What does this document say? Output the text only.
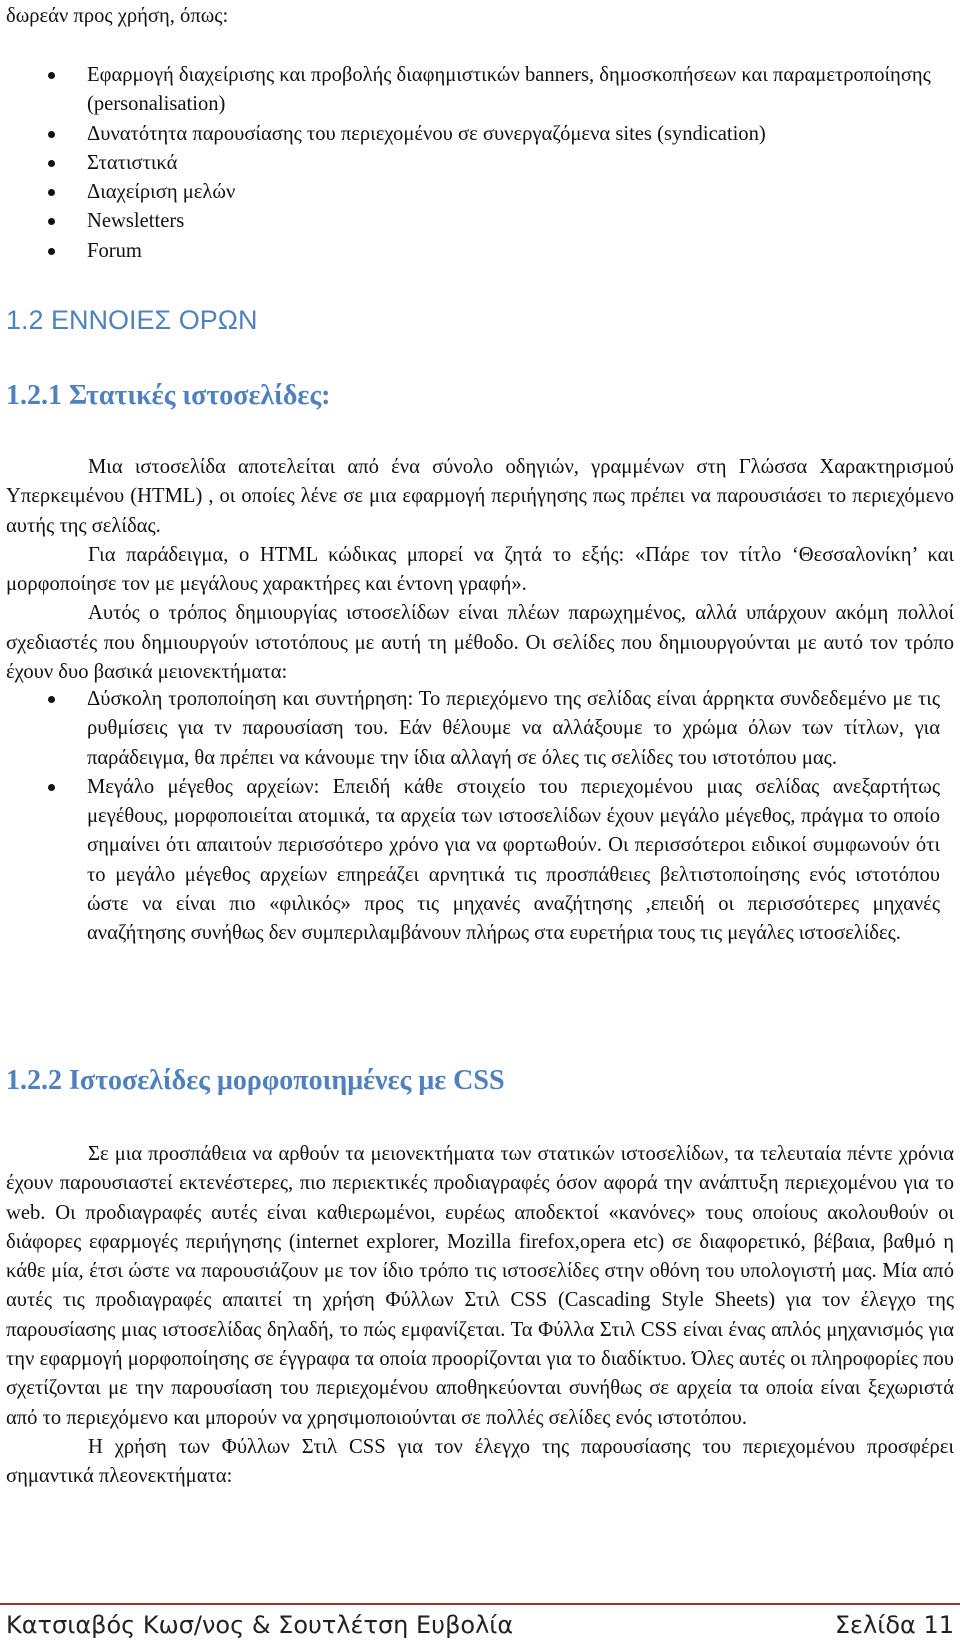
δωρεάν προς χρήση, όπως:
Εφαρμογή διαχείρισης και προβολής διαφημιστικών banners, δημοσκοπήσεων και παραμετροποίησης (personalisation)
Δυνατότητα παρουσίασης του περιεχομένου σε συνεργαζόμενα sites (syndication)
Στατιστικά
Διαχείριση μελών
Newsletters
Forum
1.2 ΕΝΝΟΙΕΣ ΟΡΩΝ
1.2.1 Στατικές ιστοσελίδες:
Μια ιστοσελίδα αποτελείται από ένα σύνολο οδηγιών, γραμμένων στη Γλώσσα Χαρακτηρισμού Υπερκειμένου (HTML) , οι οποίες λένε σε μια εφαρμογή περιήγησης πως πρέπει να παρουσιάσει το περιεχόμενο αυτής της σελίδας.
Για παράδειγμα, ο HTML κώδικας μπορεί να ζητά το εξής: «Πάρε τον τίτλο ‘Θεσσαλονίκη’ και μορφοποίησε τον με μεγάλους χαρακτήρες και έντονη γραφή».
Αυτός ο τρόπος δημιουργίας ιστοσελίδων είναι πλέων παρωχημένος, αλλά υπάρχουν ακόμη πολλοί σχεδιαστές που δημιουργούν ιστοτόπους με αυτή τη μέθοδο. Οι σελίδες που δημιουργούνται με αυτό τον τρόπο έχουν δυο βασικά μειονεκτήματα:
Δύσκολη τροποποίηση και συντήρηση: Το περιεχόμενο της σελίδας είναι άρρηκτα συνδεδεμένο με τις ρυθμίσεις για τν παρουσίαση του. Εάν θέλουμε να αλλάξουμε το χρώμα όλων των τίτλων, για παράδειγμα, θα πρέπει να κάνουμε την ίδια αλλαγή σε όλες τις σελίδες του ιστοτόπου μας.
Μεγάλο μέγεθος αρχείων: Επειδή κάθε στοιχείο του περιεχομένου μιας σελίδας ανεξαρτήτως μεγέθους, μορφοποιείται ατομικά, τα αρχεία των ιστοσελίδων έχουν μεγάλο μέγεθος, πράγμα το οποίο σημαίνει ότι απαιτούν περισσότερο χρόνο για να φορτωθούν. Οι περισσότεροι ειδικοί συμφωνούν ότι το μεγάλο μέγεθος αρχείων επηρεάζει αρνητικά τις προσπάθειες βελτιστοποίησης ενός ιστοτόπου ώστε να είναι πιο «φιλικός» προς τις μηχανές αναζήτησης ,επειδή οι περισσότερες μηχανές αναζήτησης συνήθως δεν συμπεριλαμβάνουν πλήρως στα ευρετήρια τους τις μεγάλες ιστοσελίδες.
1.2.2 Ιστοσελίδες μορφοποιημένες με CSS
Σε μια προσπάθεια να αρθούν τα μειονεκτήματα των στατικών ιστοσελίδων, τα τελευταία πέντε χρόνια έχουν παρουσιαστεί εκτενέστερες, πιο περιεκτικές προδιαγραφές όσον αφορά την ανάπτυξη περιεχομένου για το web. Οι προδιαγραφές αυτές είναι καθιερωμένοι, ευρέως αποδεκτοί «κανόνες» τους οποίους ακολουθούν οι διάφορες εφαρμογές περιήγησης (internet explorer, Mozilla firefox,opera etc) σε διαφορετικό, βέβαια, βαθμό η κάθε μία, έτσι ώστε να παρουσιάζουν με τον ίδιο τρόπο τις ιστοσελίδες στην οθόνη του υπολογιστή μας. Μία από αυτές τις προδιαγραφές απαιτεί τη χρήση Φύλλων Στιλ CSS (Cascading Style Sheets) για τον έλεγχο της παρουσίασης μιας ιστοσελίδας δηλαδή, το πώς εμφανίζεται. Τα Φύλλα Στιλ CSS είναι ένας απλός μηχανισμός για την εφαρμογή μορφοποίησης σε έγγραφα τα οποία προορίζονται για το διαδίκτυο. Όλες αυτές οι πληροφορίες που σχετίζονται με την παρουσίαση του περιεχομένου αποθηκεύονται συνήθως σε αρχεία τα οποία είναι ξεχωριστά από το περιεχόμενο και μπορούν να χρησιμοποιούνται σε πολλές σελίδες ενός ιστοτόπου.
Η χρήση των Φύλλων Στιλ CSS για τον έλεγχο της παρουσίασης του περιεχομένου προσφέρει σημαντικά πλεονεκτήματα:
Κατσιαβός Κωσ/νος & Σουτλέτση Ευβολία	Σελίδα 11
